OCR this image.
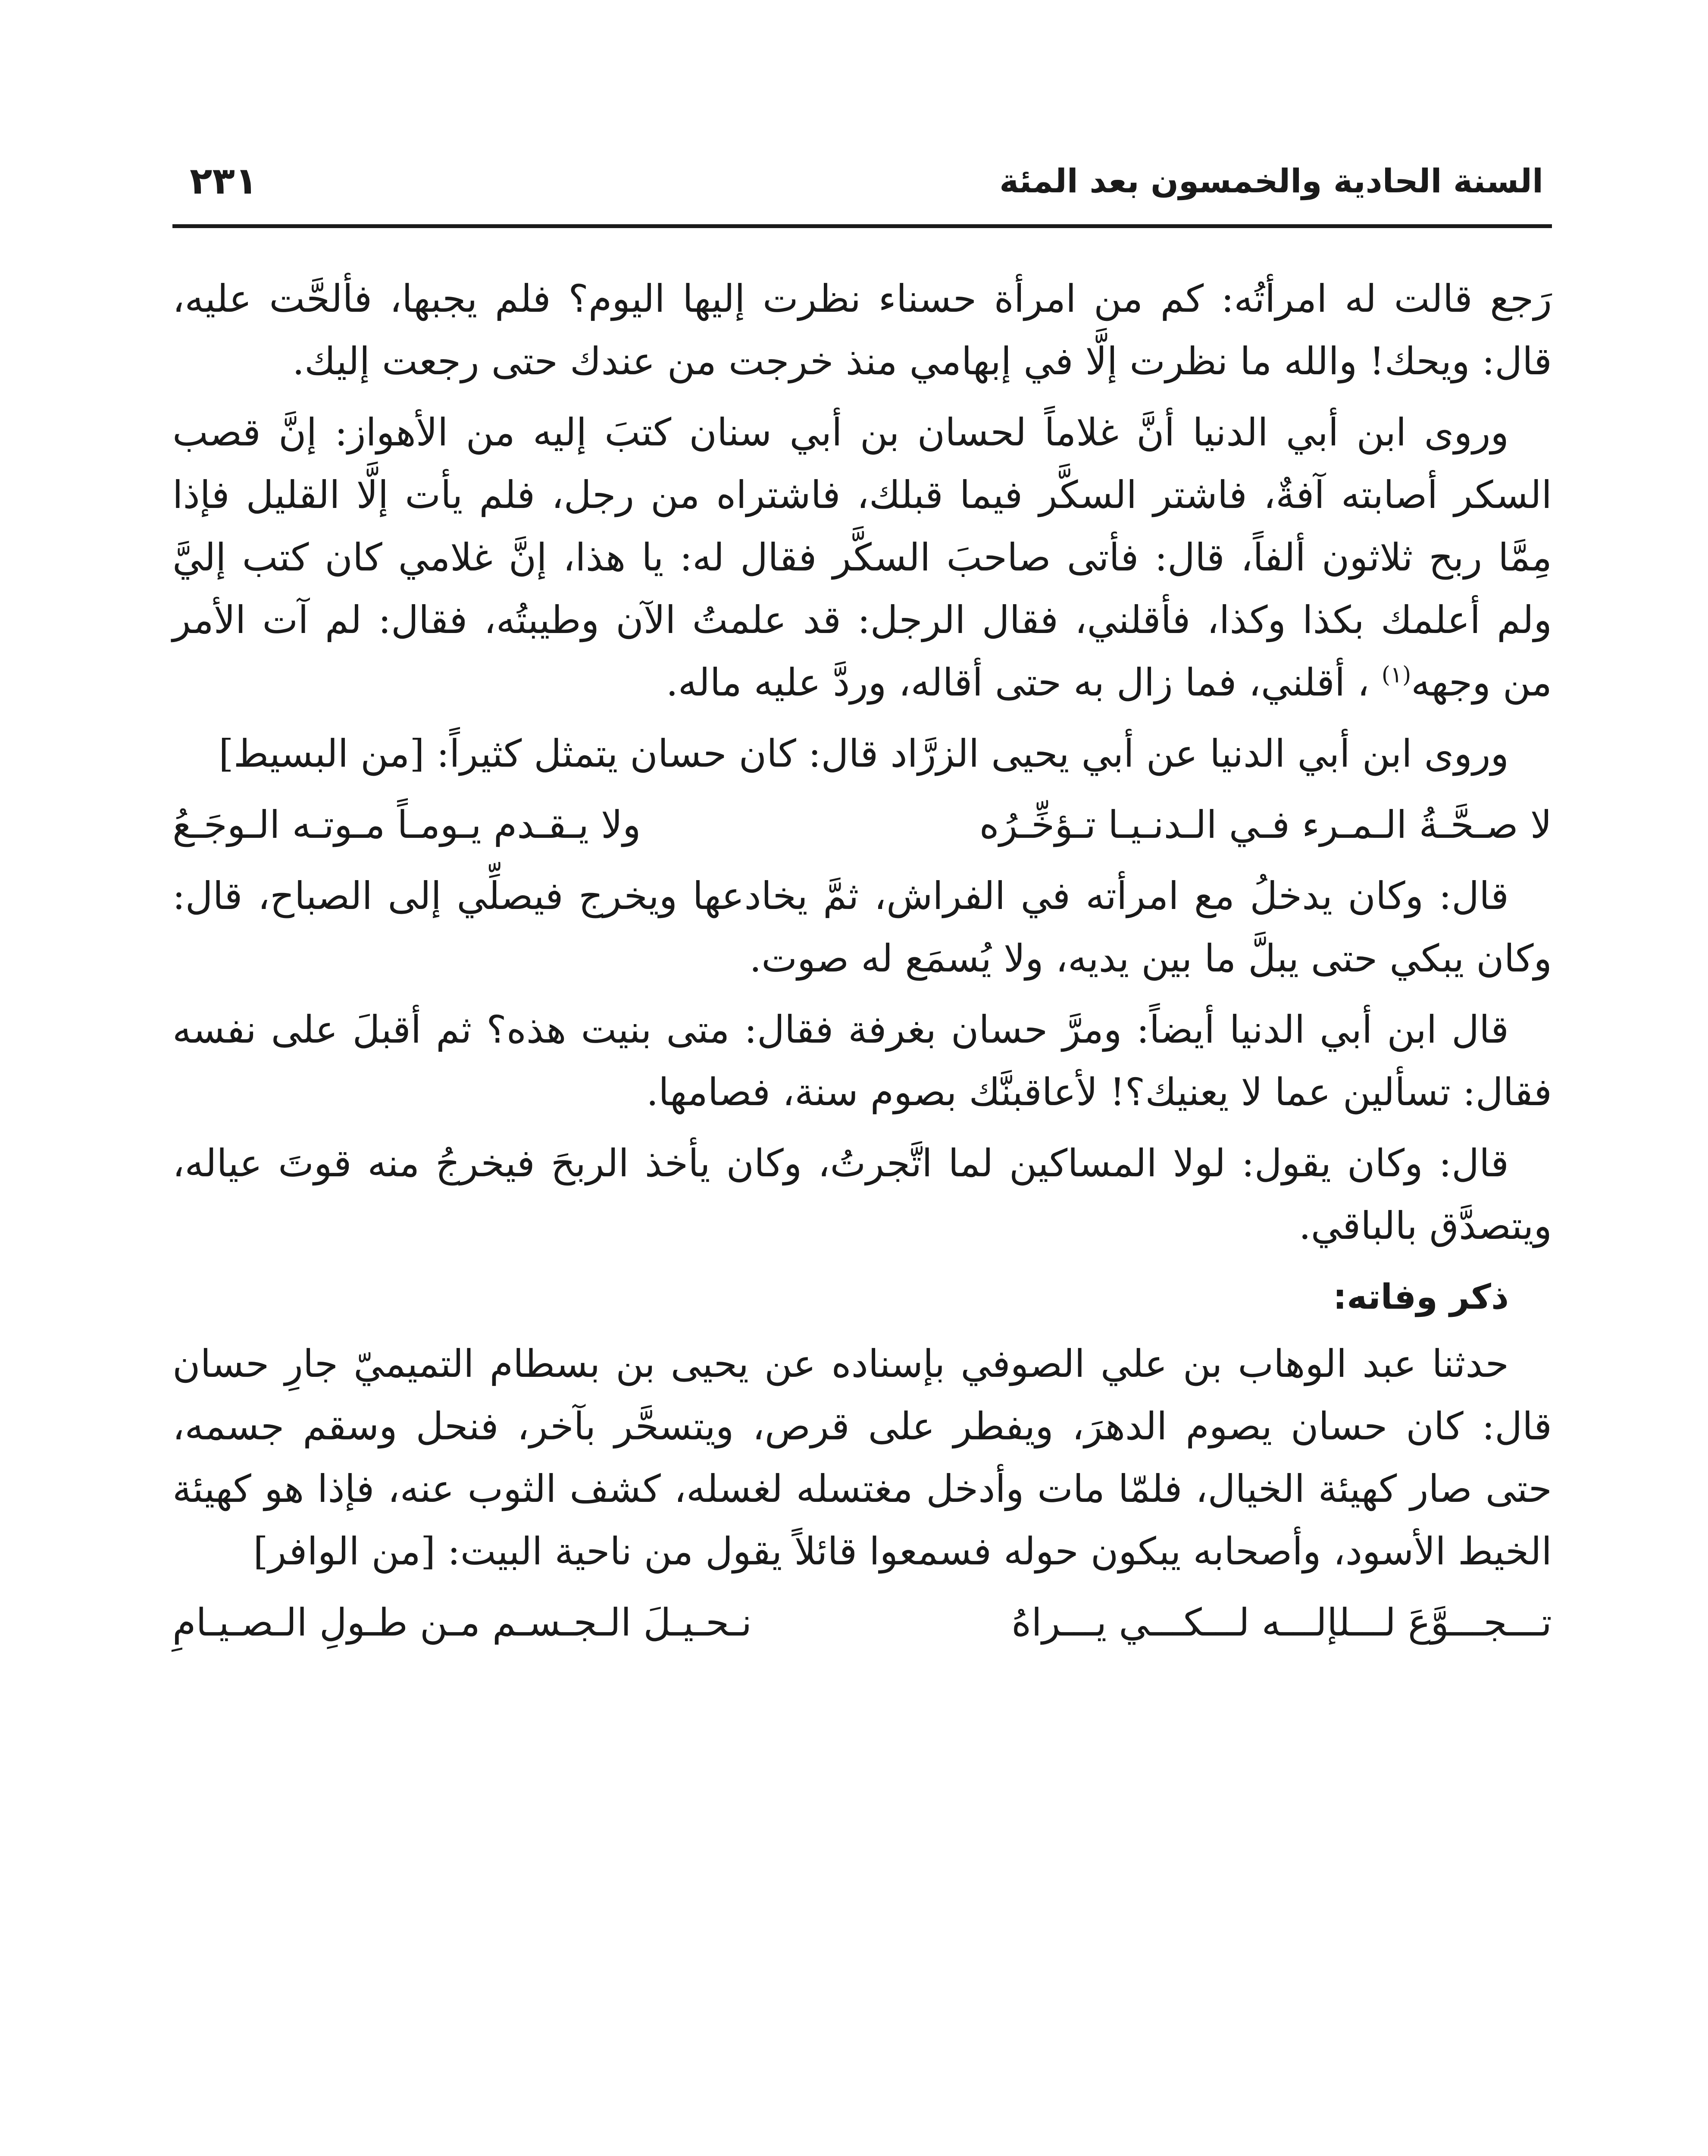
السنة الحادية والخمسون بعد المئة
٢٣١

رَجع قالت له امرأتُه: كم من امرأة حسناء نظرت إليها اليوم؟ فلم يجبها، فألحَّت عليه، قال: ويحك! والله ما نظرت إلَّا في إبهامي منذ خرجت من عندك حتى رجعت إليك.

وروى ابن أبي الدنيا أنَّ غلاماً لحسان بن أبي سنان كتبَ إليه من الأهواز: إنَّ قصب السكر أصابته آفةٌ، فاشتر السكَّر فيما قبلك، فاشتراه من رجل، فلم يأت إلَّا القليل فإذا مِمَّا ربح ثلاثون ألفاً، قال: فأتى صاحبَ السكَّر فقال له: يا هذا، إنَّ غلامي كان كتب إليَّ ولم أعلمك بكذا وكذا، فأقلني، فقال الرجل: قد علمتُ الآن وطيبتُه، فقال: لم آت الأمر من وجهه$^{(١)}$ ، أقلني، فما زال به حتى أقاله، وردَّ عليه ماله.

وروى ابن أبي الدنيا عن أبي يحيى الزرَّاد قال: كان حسان يتمثل كثيراً: [من البسيط]

لا صـحَّـةُ الـمـرء فـي الـدنـيـا تـؤخِّـرُه
ولا يـقـدم يـومـاً مـوتـه الـوجَـعُ

قال: وكان يدخلُ مع امرأته في الفراش، ثمَّ يخادعها ويخرج فيصلِّي إلى الصباح، قال: وكان يبكي حتى يبلَّ ما بين يديه، ولا يُسمَع له صوت.

قال ابن أبي الدنيا أيضاً: ومرَّ حسان بغرفة فقال: متى بنيت هذه؟ ثم أقبلَ على نفسه فقال: تسألين عما لا يعنيك؟! لأعاقبنَّك بصوم سنة، فصامها.

قال: وكان يقول: لولا المساكين لما اتَّجرتُ، وكان يأخذ الربحَ فيخرجُ منه قوتَ عياله، ويتصدَّق بالباقي.

ذكر وفاته:

حدثنا عبد الوهاب بن علي الصوفي بإسناده عن يحيى بن بسطام التميميّ جارِ حسان قال: كان حسان يصوم الدهرَ، ويفطر على قرص، ويتسحَّر بآخر، فنحل وسقم جسمه، حتى صار كهيئة الخيال، فلمّا مات وأدخل مغتسله لغسله، كشف الثوب عنه، فإذا هو كهيئة الخيط الأسود، وأصحابه يبكون حوله فسمعوا قائلاً يقول من ناحية البيت: [من الوافر]

تـــجـــوَّعَ لـــلإلـــه لـــكـــي يـــراهُ
نـحـيـلَ الـجـسـم مـن طـولِ الـصـيـامِ
